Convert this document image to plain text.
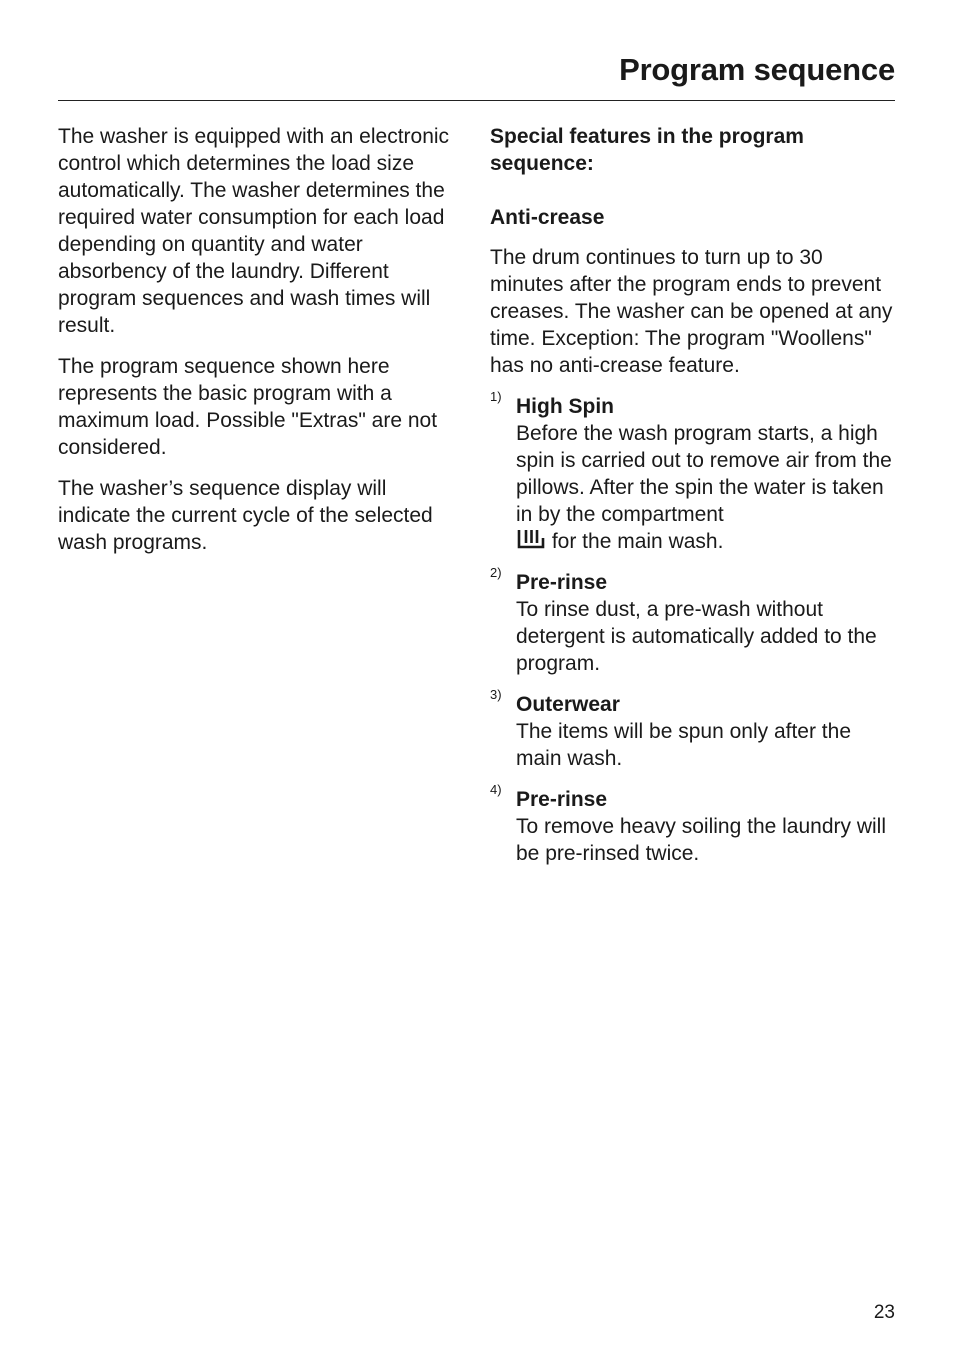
Program sequence

The washer is equipped with an electronic control which determines the load size automatically. The washer determines the required water consumption for each load depending on quantity and water absorbency of the laundry. Different program sequences and wash times will result.

The program sequence shown here represents the basic program with a maximum load. Possible "Extras" are not considered.

The washer’s sequence display will indicate the current cycle of the selected wash programs.

Special features in the program sequence:

Anti-crease

The drum continues to turn up to 30 minutes after the program ends to prevent creases. The washer can be opened at any time. Exception: The program "Woollens" has no anti-crease feature.

1) High Spin
Before the wash program starts, a high spin is carried out to remove air from the pillows. After the spin the water is taken in by the compartment
for the main wash.
2) Pre-rinse
To rinse dust, a pre-wash without detergent is automatically added to the program.
3) Outerwear
The items will be spun only after the main wash.
4) Pre-rinse
To remove heavy soiling the laundry will be pre-rinsed twice.
23
